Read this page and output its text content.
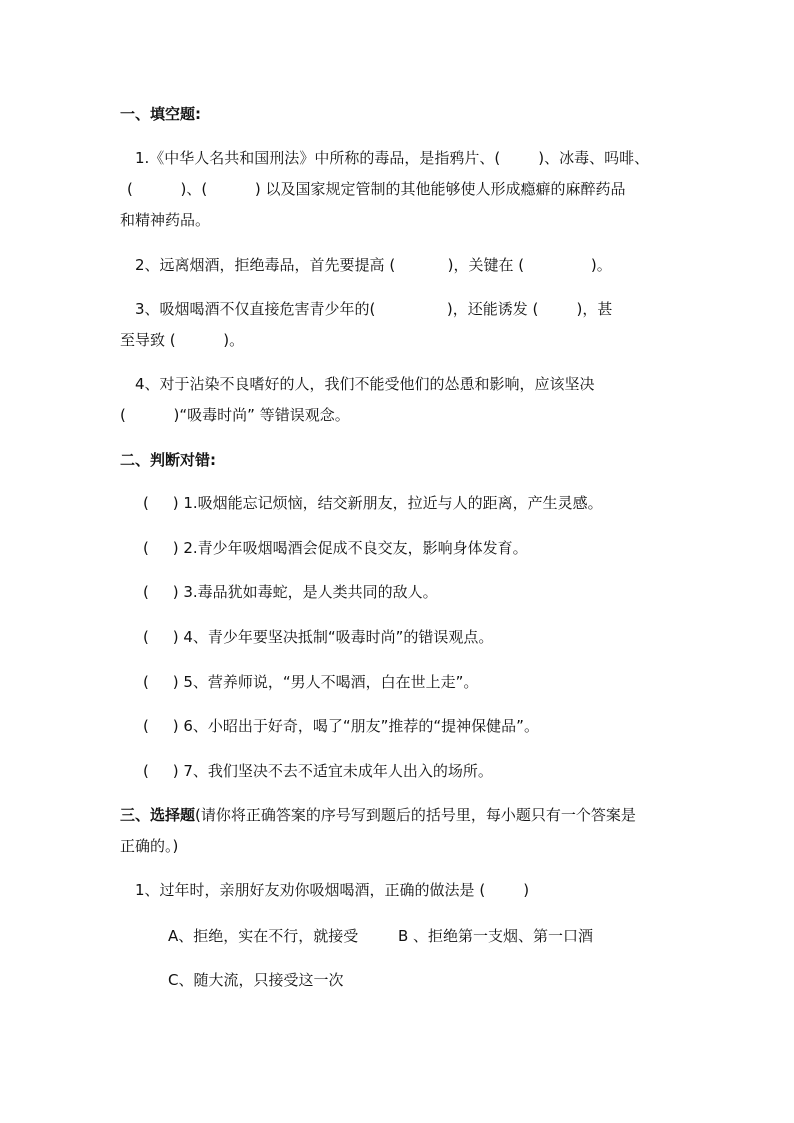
一、填空题:
1.《中华人名共和国刑法》中所称的毒品，是指鸦片、(        )、冰毒、吗啡、
(          )、(          ) 以及国家规定管制的其他能够使人形成瘾癖的麻醉药品
和精神药品。
2、远离烟酒，拒绝毒品，首先要提高 (           )，关键在 (              )。
3、吸烟喝酒不仅直接危害青少年的(               )，还能诱发 (        )，甚
至导致 (          )。
4、对于沾染不良嗜好的人，我们不能受他们的怂恿和影响，应该坚决
(          )“吸毒时尚” 等错误观念。
二、判断对错:
(     ) 1.吸烟能忘记烦恼，结交新朋友，拉近与人的距离，产生灵感。
(     ) 2.青少年吸烟喝酒会促成不良交友，影响身体发育。
(     ) 3.毒品犹如毒蛇，是人类共同的敌人。
(     ) 4、青少年要坚决抵制“吸毒时尚”的错误观点。
(     ) 5、营养师说，“男人不喝酒，白在世上走”。
(     ) 6、小昭出于好奇，喝了“朋友”推荐的“提神保健品”。
(     ) 7、我们坚决不去不适宜未成年人出入的场所。
三、选择题(请你将正确答案的序号写到题后的括号里，每小题只有一个答案是
正确的。)
1、过年时，亲朋好友劝你吸烟喝酒，正确的做法是 (        )
A、拒绝，实在不行，就接受	B 、拒绝第一支烟、第一口酒
C、随大流，只接受这一次
